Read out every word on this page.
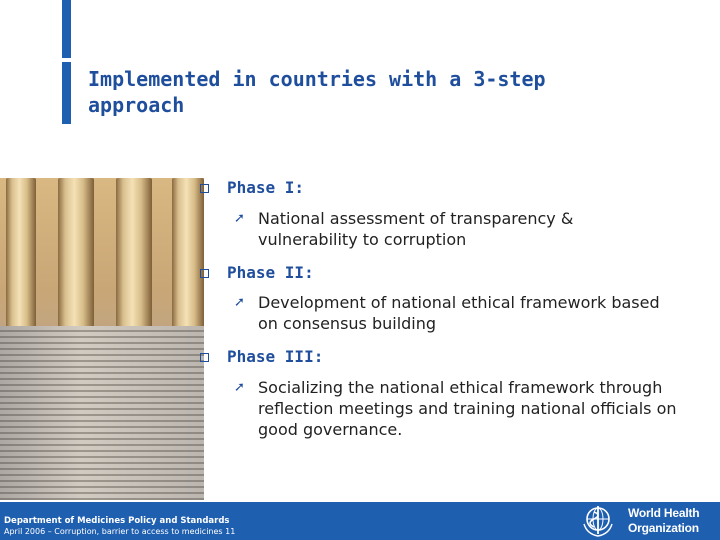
Implemented in countries with a 3-step approach
Phase I:
➚ National assessment of transparency & vulnerability to corruption
Phase II:
➚ Development of national ethical framework based on consensus building
Phase III:
➚ Socializing the national ethical framework through reflection meetings and training national officials on good governance.
Department of Medicines Policy and Standards
April 2006 – Corruption, barrier to access to medicines 11
World Health
Organization
